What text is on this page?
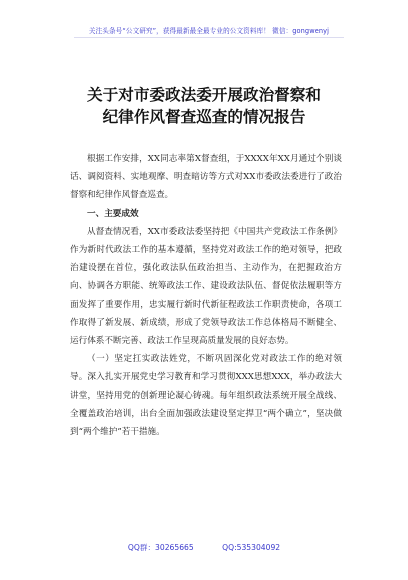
关注头条号“公文研究”，获得最新最全最专业的公文资料库！ 微信：gongwenyj
关于对市委政法委开展政治督察和
纪律作风督查巡查的情况报告

根据工作安排，XX同志率第X督查组，于XXXX年XX月通过个别谈话、调阅资料、实地观摩、明查暗访等方式对XX市委政法委进行了政治督察和纪律作风督查巡查。

一、主要成效

从督查情况看，XX市委政法委坚持把《中国共产党政法工作条例》作为新时代政法工作的基本遵循，坚持党对政法工作的绝对领导，把政治建设摆在首位，强化政法队伍政治担当、主动作为，在把握政治方向、协调各方职能、统筹政法工作、建设政法队伍、督促依法履职等方面发挥了重要作用，忠实履行新时代新征程政法工作职责使命，各项工作取得了新发展、新成绩，形成了党领导政法工作总体格局不断健全、运行体系不断完善、政法工作呈现高质量发展的良好态势。

（一）坚定扛实政法姓党，不断巩固深化党对政法工作的绝对领导。深入扎实开展党史学习教育和学习贯彻XXX思想XXX，举办政法大讲堂，坚持用党的创新理论凝心铸魂。每年组织政法系统开展全战线、全覆盖政治培训，出台全面加强政法建设坚定捍卫“两个确立”，坚决做到“两个维护”若干措施。

QQ群：30265665	QQ:535304092
